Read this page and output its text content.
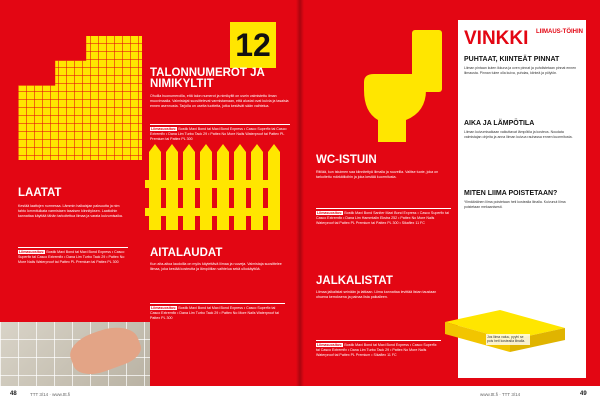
12
TALONNUMEROT JA NIMIKYLTIT
Ohuilla huonumeroilla, että talon numerot ja nimikyltit on usein valmistettu ilman muovimaalia. Valmistajat suosittelevat varmistamaan, että alustat ovat kuivia ja tasaisia ennen asennusta. Tarjolla on useita tuotteita, jotka kestävät sään vaihtelua.
Liimasuositus: Bostik Maxi Bond tai Maxi Bond Express • Casco Superfix tai Casco Extremfix • Dana Lim Turbo Tack 29 • Pattex No More Nails Waterproof tai Pattex PL Premium tai Pattex PL 300
LAATAT
Kestää laattojen nurmessa. Lämmin halkaisjan paksuutta ja nim tahto lommitulkata varmistaen tasaisen kiinnityksen. Laattoihin kannattaa käyttää tähän tarkoitettua liimaa ja varata kuivumisaika.
Liimasuositus: Bostik Maxi Bond tai Maxi Bond Express • Casco Superfix tai Casco Extremfix • Dana Lim Turbo Tack 29 • Pattex No More Nails Waterproof tai Pattex PL Premium tai Pattex PL 300
AITALAUDAT
Kun aita-aitoa laudoilla on myös käytettävä liimaa ja ruuveja. Valmistaja suosittelee liimaa, joka kestää kosteutta ja lämpötilan vaihtelua sekä ulkokäyttöä.
Liimasuositus: Bostik Maxi Bond tai Maxi Bond Express • Casco Superfix tai Casco Extremfix • Dana Lim Turbo Tack 29 • Pattex No More Nails Waterproof tai Pattex PL 300
WC-ISTUIN
Ritilää, kun istuimen saa kiinnitettyä liimalla ja ruuveilla. Valitse tuote, joka on tarkoitettu märkätiloihin ja joka kestää kuormitusta.
Liimasuositus: Bostik Maxi Bond Saniter Maxi Bond Express • Casco Superfix tai Casco Extremfix • Dana Lim Hammtalin Ekstra 252 • Pattex No More Nails Waterproof tai Pattex PL Premium tai Pattex PL 300 • Sikaflex 11 FC
JALKALISTAT
Liimaa jalkalistat seinään ja lattiaan. Liima kannattaa levittää listan taustaan ohuena kerroksena ja painaa lista paikalleen.
Liimasuositus: Bostik Maxi Bond tai Maxi Bond Express • Casco Superfix tai Casco Extremfix • Dana Lim Turbo Tack 29 • Pattex No More Nails Waterproof tai Pattex PL Premium • Sikaflex 11 FC
VINKKI LIIMAUS-TÖIHIN
PUHTAAT, KIINTEÄT PINNAT
Liiman pintaan kuten ikkuna ja oven pinnat ja puhdistetaan pinnat ennen liimausta. Pinnan tulee olla kuiva, puhdas, kiinteä ja pölytön.
AIKA JA LÄMPÖTILA
Liiman kuivumisaikaan vaikuttavat lämpötila ja kosteus. Noudata valmistajan ohjeita ja anna liiman kuivua rauhassa ennen kuormitusta.
MITEN LIIMA POISTETAAN?
Ylimääräinen liima poistetaan heti kostealla liinalla. Kuivunut liima poistetaan mekaanisesti.
Jos liima valuu, pyyhi se pois heti kostealla liinalla.
48	TTT 3/14 · www.ttt.fi	www.ttt.fi · TTT 3/14	49
